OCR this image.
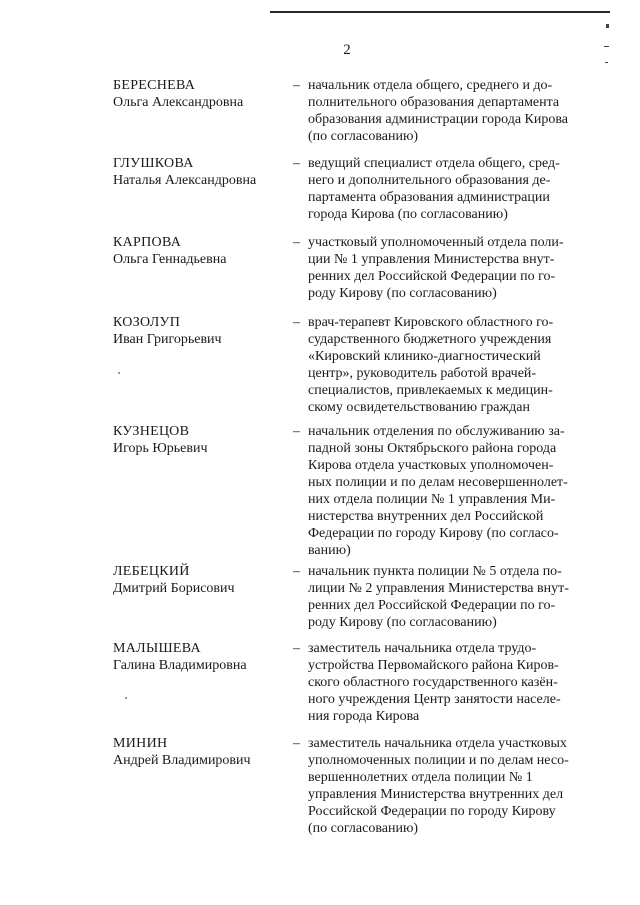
2
БЕРЕСНЕВА
Ольга Александровна
– начальник отдела общего, среднего и до-
полнительного образования департамента
образования администрации города Кирова
(по согласованию)
ГЛУШКОВА
Наталья Александровна
– ведущий специалист отдела общего, сред-
него и дополнительного образования де-
партамента образования администрации
города Кирова (по согласованию)
КАРПОВА
Ольга Геннадьевна
– участковый уполномоченный отдела поли-
ции № 1 управления Министерства внут-
ренних дел Российской Федерации по го-
роду Кирову (по согласованию)
КОЗОЛУП
Иван Григорьевич
– врач-терапевт Кировского областного го-
сударственного бюджетного учреждения
«Кировский клинико-диагностический
центр», руководитель работой врачей-
специалистов, привлекаемых к медицин-
скому освидетельствованию граждан
КУЗНЕЦОВ
Игорь Юрьевич
– начальник отделения по обслуживанию за-
падной зоны Октябрьского района города
Кирова отдела участковых уполномочен-
ных полиции и по делам несовершеннолет-
них отдела полиции № 1 управления Ми-
нистерства внутренних дел Российской
Федерации по городу Кирову (по согласо-
ванию)
ЛЕБЕЦКИЙ
Дмитрий Борисович
– начальник пункта полиции № 5 отдела по-
лиции № 2 управления Министерства внут-
ренних дел Российской Федерации по го-
роду Кирову (по согласованию)
МАЛЫШЕВА
Галина Владимировна
– заместитель начальника отдела трудо-
устройства Первомайского района Киров-
ского областного государственного казён-
ного учреждения Центр занятости населе-
ния города Кирова
МИНИН
Андрей Владимирович
– заместитель начальника отдела участковых
уполномоченных полиции и по делам несо-
вершеннолетних отдела полиции № 1
управления Министерства внутренних дел
Российской Федерации по городу Кирову
(по согласованию)
